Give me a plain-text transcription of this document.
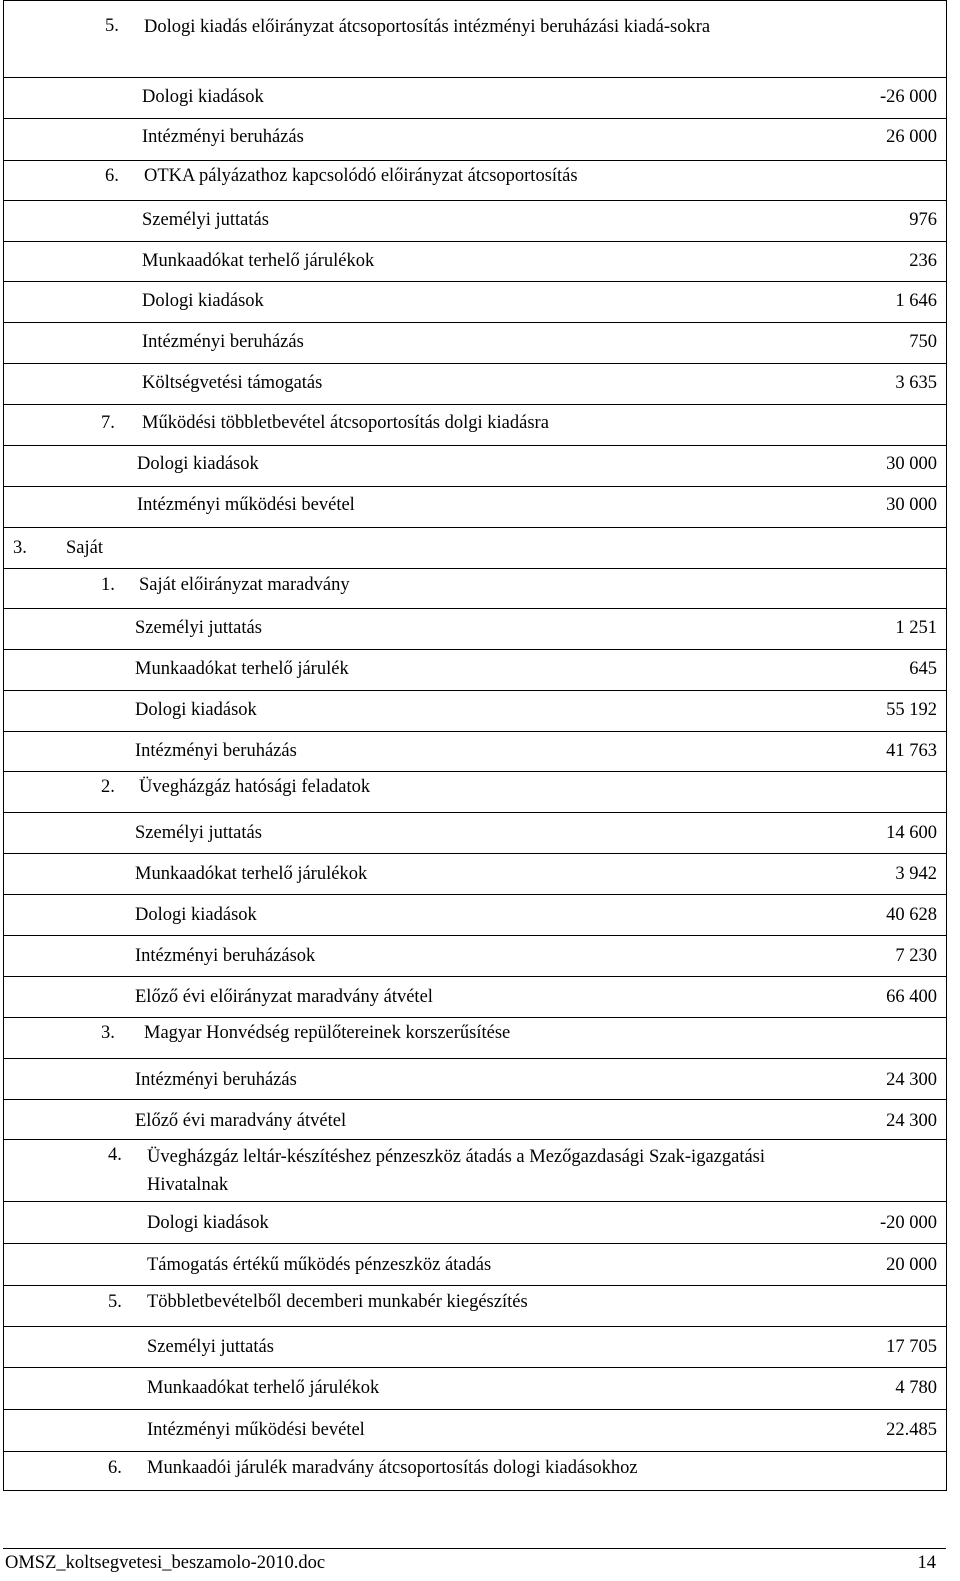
5. Dologi kiadás előirányzat átcsoportosítás intézményi beruházási kiadá-sokra	

Dologi kiadások	-26 000

Intézményi beruházás	26 000

6. OTKA pályázathoz kapcsolódó előirányzat átcsoportosítás	

Személyi juttatás	976

Munkaadókat terhelő járulékok	236

Dologi kiadások	1 646

Intézményi beruházás	750

Költségvetési támogatás	3 635

7. Működési többletbevétel átcsoportosítás dolgi kiadásra	

Dologi kiadások	30 000

Intézményi működési bevétel	30 000

3. Saját	

1. Saját előirányzat maradvány	

Személyi juttatás	1 251

Munkaadókat terhelő járulék	645

Dologi kiadások	55 192

Intézményi beruházás	41 763

2. Üvegházgáz hatósági feladatok	

Személyi juttatás	14 600

Munkaadókat terhelő járulékok	3 942

Dologi kiadások	40 628

Intézményi beruházások	7 230

Előző évi előirányzat maradvány átvétel	66 400

3. Magyar Honvédség repülőtereinek korszerűsítése	

Intézményi beruházás	24 300

Előző évi maradvány átvétel	24 300

4. Üvegházgáz leltár-készítéshez pénzeszköz átadás a Mezőgazdasági Szak-igazgatási Hivatalnak	

Dologi kiadások	-20 000

Támogatás értékű működés pénzeszköz átadás	20 000

5. Többletbevételből decemberi munkabér kiegészítés	

Személyi juttatás	17 705

Munkaadókat terhelő járulékok	4 780

Intézményi működési bevétel	22.485

6. Munkaadói járulék maradvány átcsoportosítás dologi kiadásokhoz	

OMSZ_koltsegvetesi_beszamolo-2010.doc	14
